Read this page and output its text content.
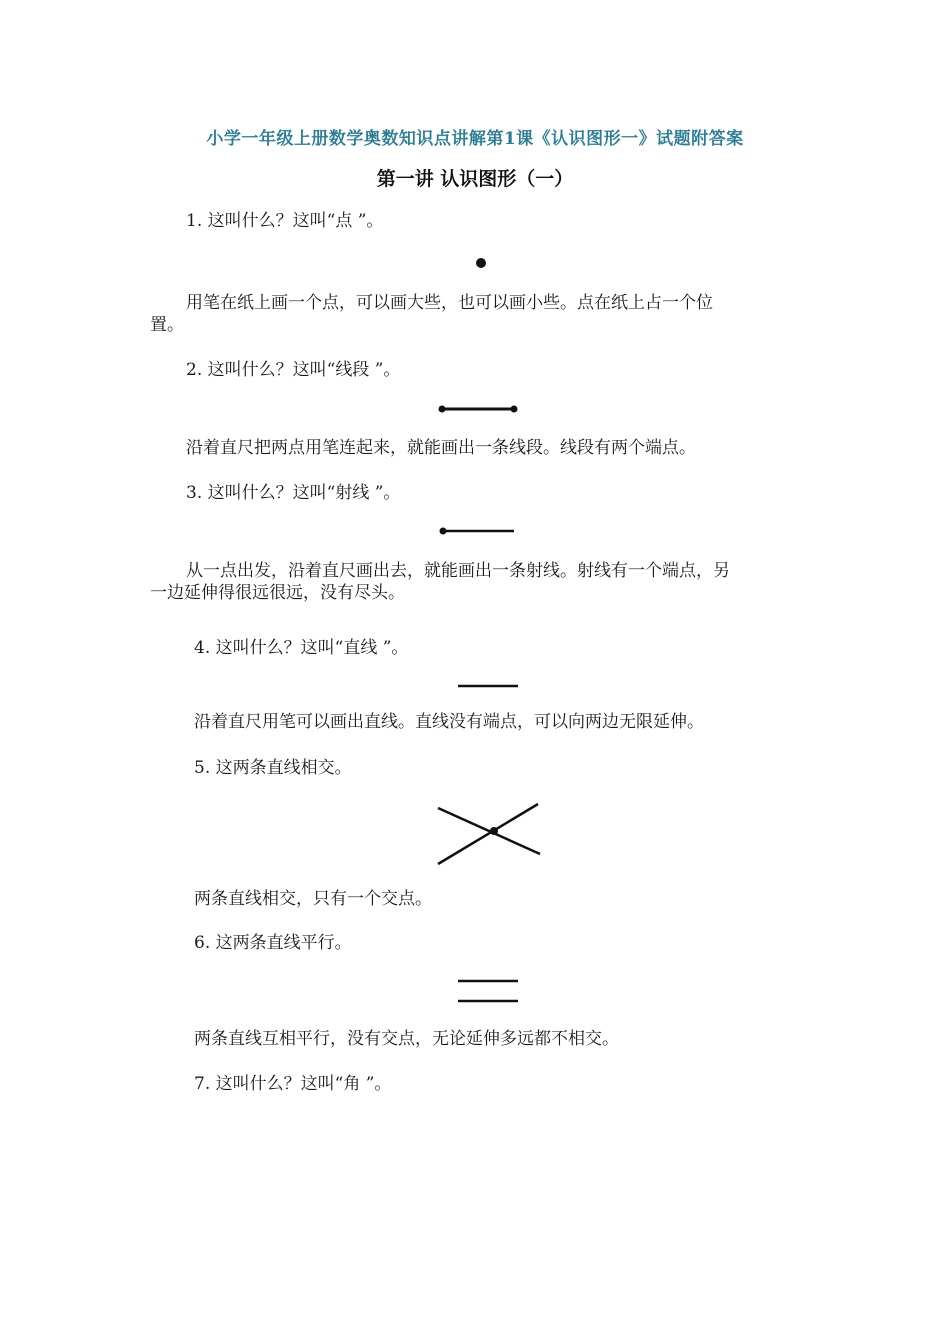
小学一年级上册数学奥数知识点讲解第1课《认识图形一》试题附答案
第一讲 认识图形（一）
1. 这叫什么？这叫“点 ”。
用笔在纸上画一个点，可以画大些，也可以画小些。点在纸上占一个位
置。
2. 这叫什么？这叫“线段 ”。
沿着直尺把两点用笔连起来，就能画出一条线段。线段有两个端点。
3. 这叫什么？这叫“射线 ”。
从一点出发，沿着直尺画出去，就能画出一条射线。射线有一个端点，另
一边延伸得很远很远，没有尽头。
4. 这叫什么？这叫“直线 ”。
沿着直尺用笔可以画出直线。直线没有端点，可以向两边无限延伸。
5. 这两条直线相交。
两条直线相交，只有一个交点。
6. 这两条直线平行。
两条直线互相平行，没有交点，无论延伸多远都不相交。
7. 这叫什么？这叫“角 ”。
